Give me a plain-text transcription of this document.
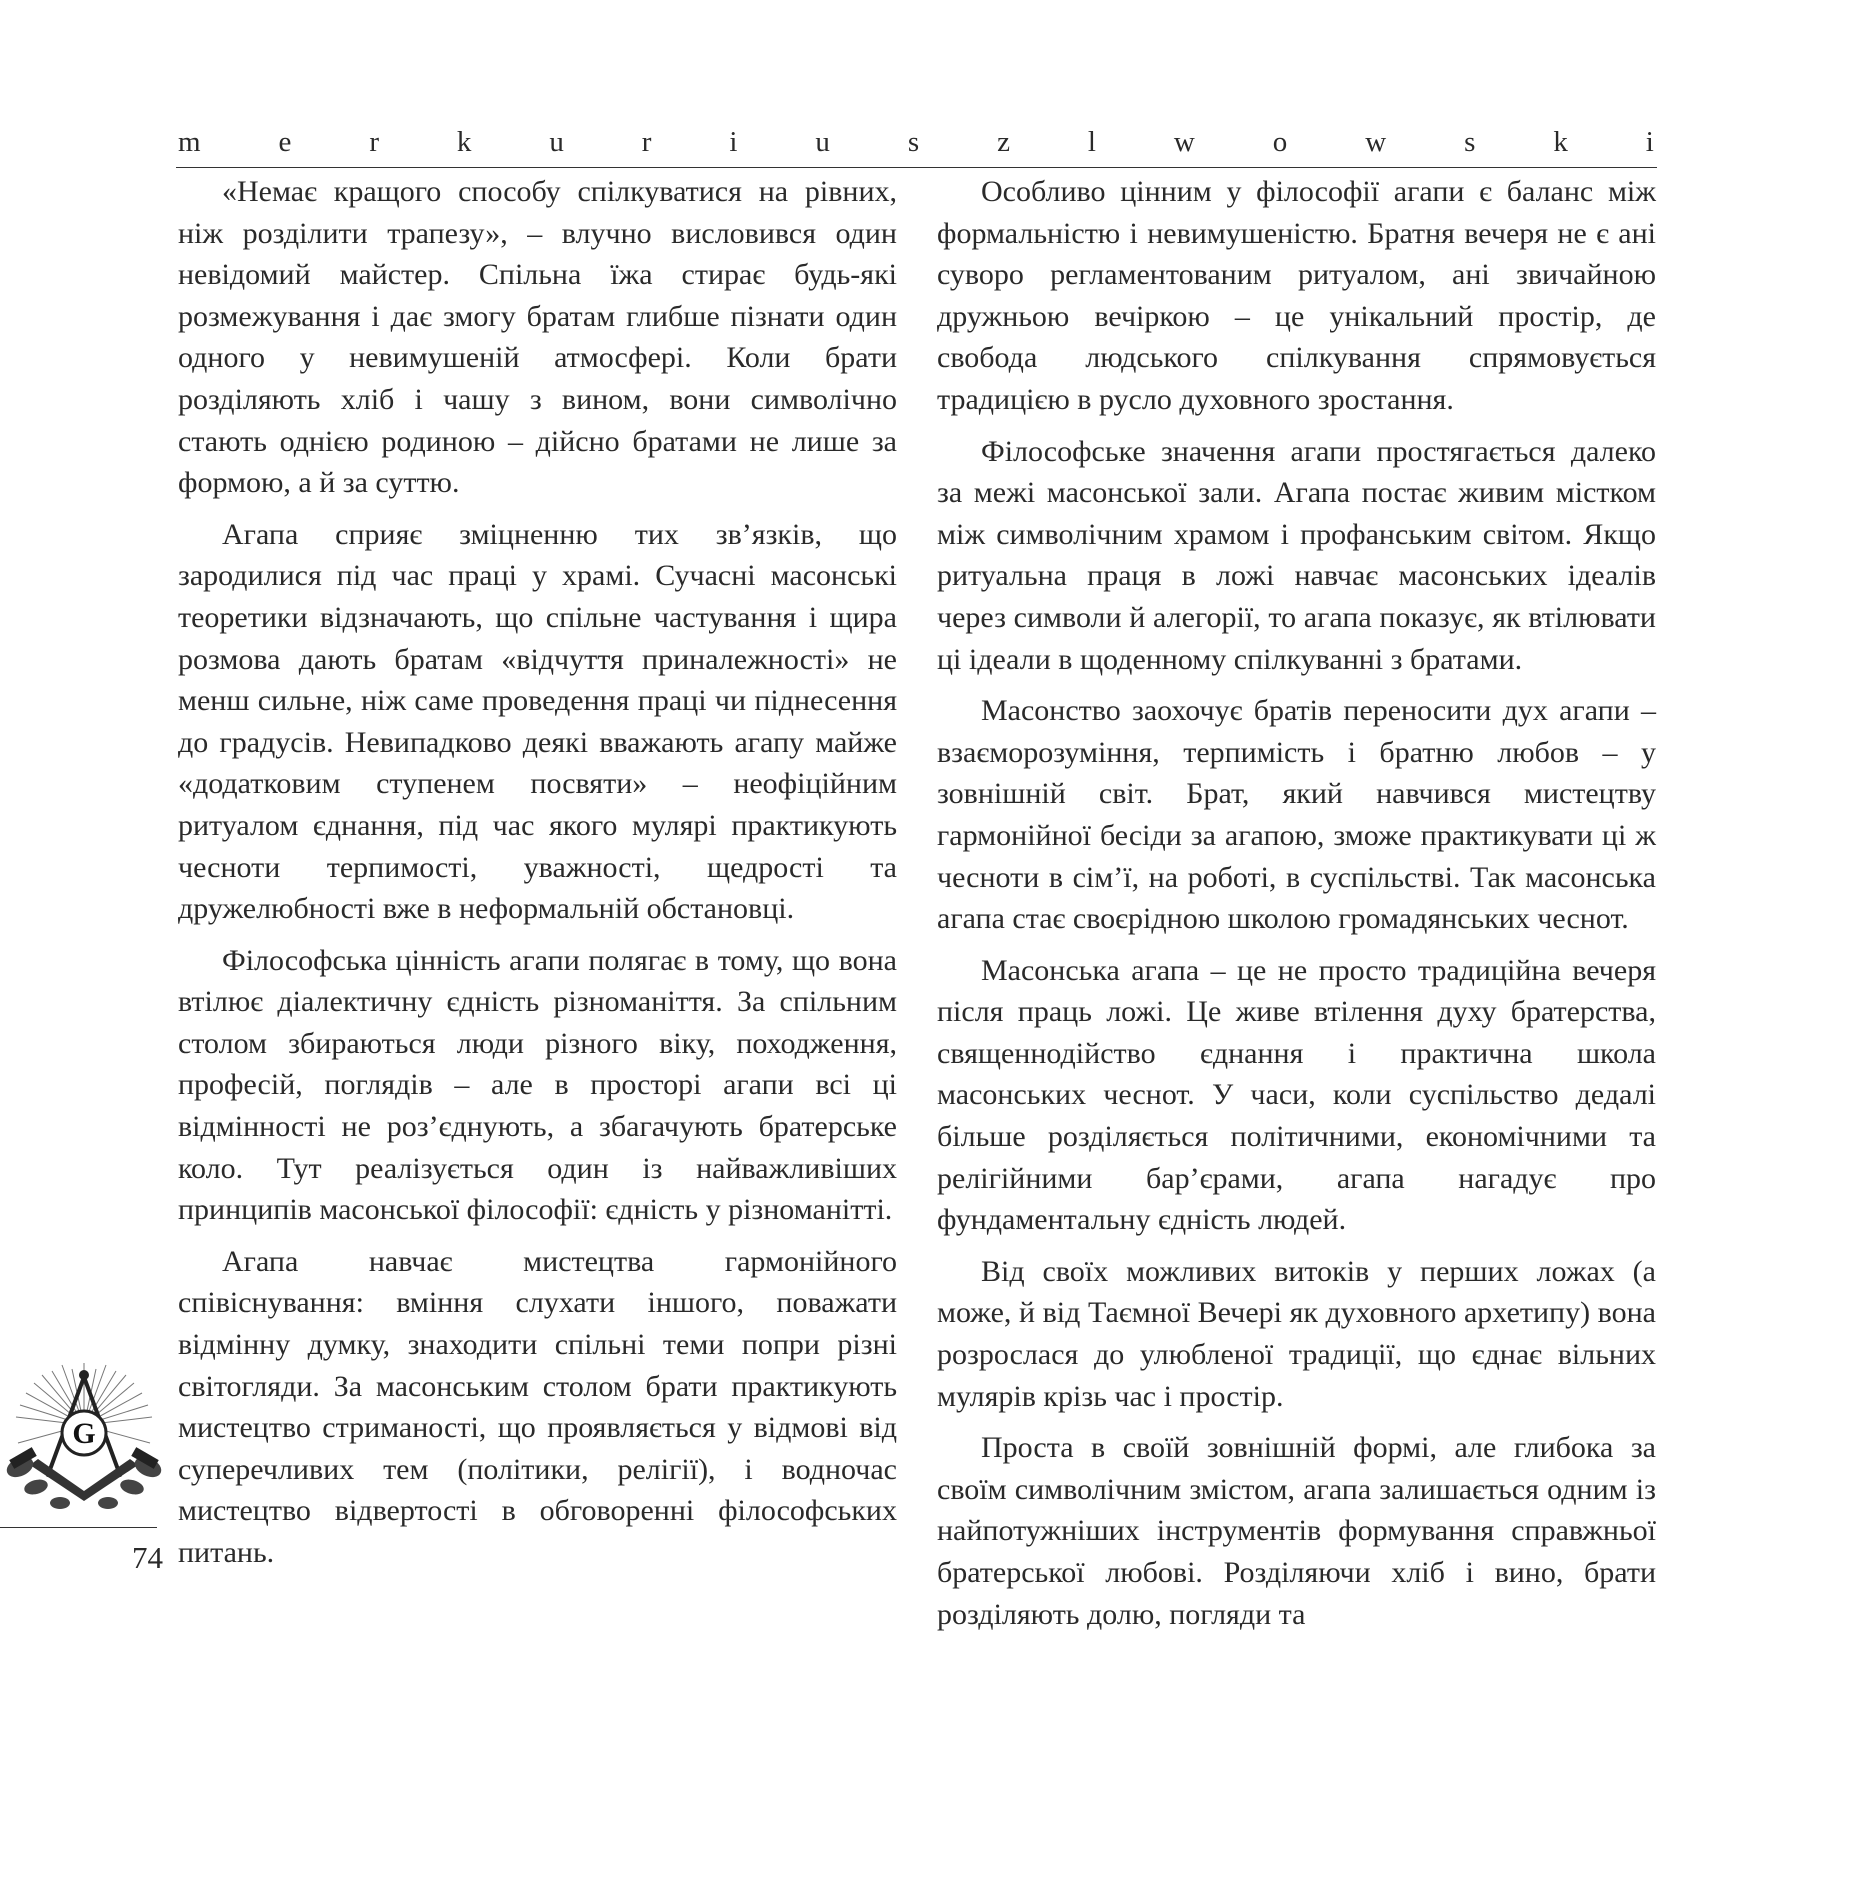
m	e	r	k	u	r	i	u	s	z	l	w	o	w	s	k	i

«Немає кращого способу спілкуватися на рівних, ніж розділити трапезу», – влучно висловився один невідомий майстер. Спільна їжа стирає будь-які розмежування і дає змогу братам глибше пізнати один одного у невимушеній атмосфері. Коли брати розділяють хліб і чашу з вином, вони символічно стають однією родиною – дійсно братами не лише за формою, а й за суттю.

Агапа сприяє зміцненню тих зв’язків, що зародилися під час праці у храмі. Сучасні масонські теоретики відзначають, що спільне частування і щира розмова дають братам «відчуття приналежності» не менш сильне, ніж саме проведення праці чи піднесення до градусів. Невипадково деякі вважають агапу майже «додатковим ступенем посвяти» – неофіційним ритуалом єднання, під час якого мулярі практикують чесноти терпимості, уважності, щедрості та дружелюбності вже в неформальній обстановці.

Філософська цінність агапи полягає в тому, що вона втілює діалектичну єдність різноманіття. За спільним столом збираються люди різного віку, походження, професій, поглядів – але в просторі агапи всі ці відмінності не роз’єднують, а збагачують братерське коло. Тут реалізується один із найважливіших принципів масонської філософії: єдність у різноманітті.

Агапа навчає мистецтва гармонійного співіснування: вміння слухати іншого, поважати відмінну думку, знаходити спільні теми попри різні світогляди. За масонським столом брати практикують мистецтво стриманості, що проявляється у відмові від суперечливих тем (політики, релігії), і водночас мистецтво відвертості в обговоренні філософських питань.

Особливо цінним у філософії агапи є баланс між формальністю і невимушеністю. Братня вечеря не є ані суворо регламентованим ритуалом, ані звичайною дружньою вечіркою – це унікальний простір, де свобода людського спілкування спрямовується традицією в русло духовного зростання.

Філософське значення агапи простягається далеко за межі масонської зали. Агапа постає живим містком між символічним храмом і профанським світом. Якщо ритуальна праця в ложі навчає масонських ідеалів через символи й алегорії, то агапа показує, як втілювати ці ідеали в щоденному спілкуванні з братами.

Масонство заохочує братів переносити дух агапи – взаєморозуміння, терпимість і братню любов – у зовнішній світ. Брат, який навчився мистецтву гармонійної бесіди за агапою, зможе практикувати ці ж чесноти в сім’ї, на роботі, в суспільстві. Так масонська агапа стає своєрідною школою громадянських чеснот.

Масонська агапа – це не просто традиційна вечеря після праць ложі. Це живе втілення духу братерства, священнодійство єднання і практична школа масонських чеснот. У часи, коли суспільство дедалі більше розділяється політичними, економічними та релігійними бар’єрами, агапа нагадує про фундаментальну єдність людей.

Від своїх можливих витоків у перших ложах (а може, й від Таємної Вечері як духовного архетипу) вона розрослася до улюбленої традиції, що єднає вільних мулярів крізь час і простір.

Проста в своїй зовнішній формі, але глибока за своїм символічним змістом, агапа залишається одним із найпотужніших інструментів формування справжньої братерської любові. Розділяючи хліб і вино, брати розділяють долю, погляди та

G
74
